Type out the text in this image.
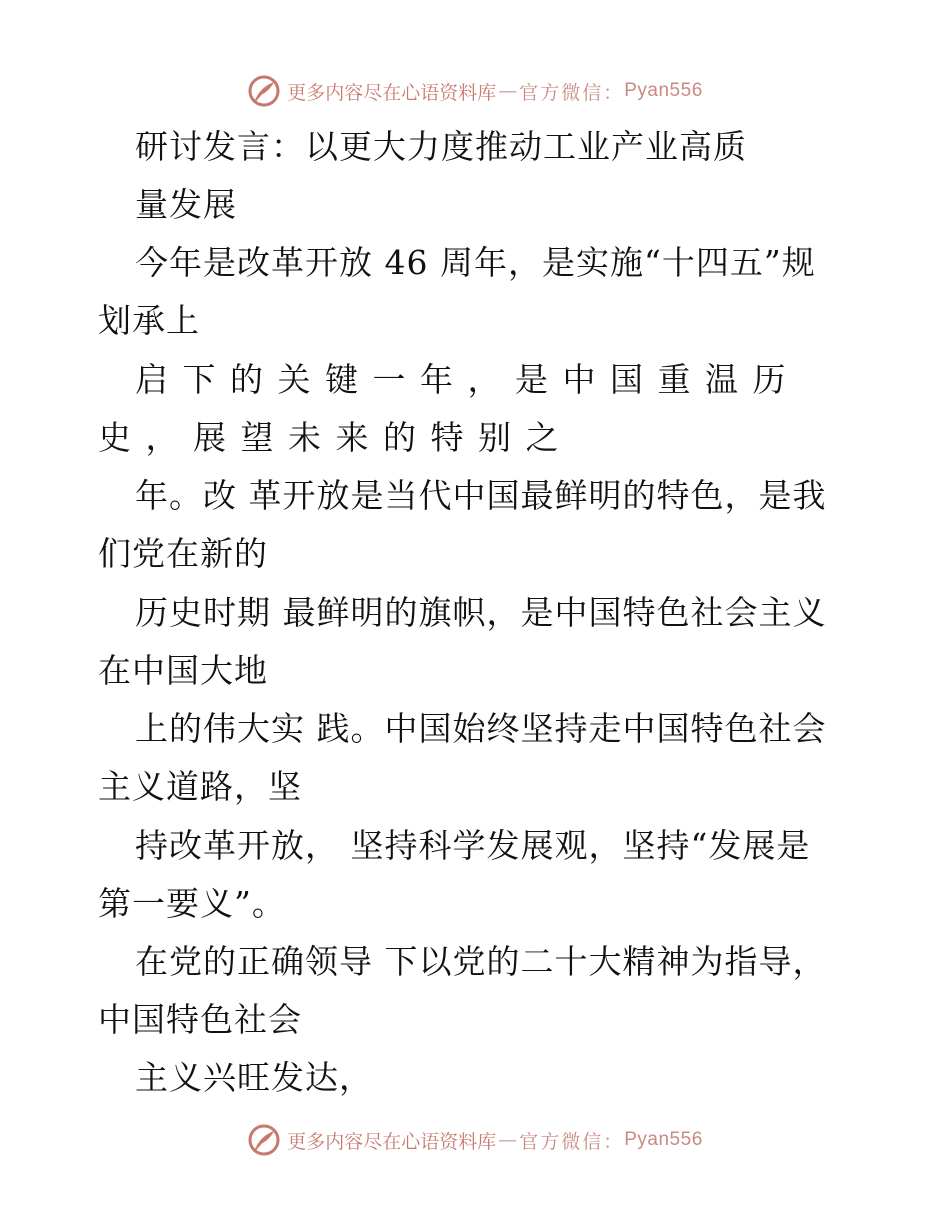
更多内容尽在心语资料库 — 官方微信： Pyan556
研讨发言：以更大力度推动工业产业高质
量发展
今年是改革开放 46 周年，是实施“十四五”规
划承上
启下的关键一年，是中国重温历
史，展望未来的特别之
年。改 革开放是当代中国最鲜明的特色，是我
们党在新的
历史时期 最鲜明的旗帜，是中国特色社会主义
在中国大地
上的伟大实 践。中国始终坚持走中国特色社会
主义道路，坚
持改革开放， 坚持科学发展观，坚持“发展是
第一要义”。
在党的正确领导 下以党的二十大精神为指导，
中国特色社会
主义兴旺发达，
更多内容尽在心语资料库 — 官方微信： Pyan556
